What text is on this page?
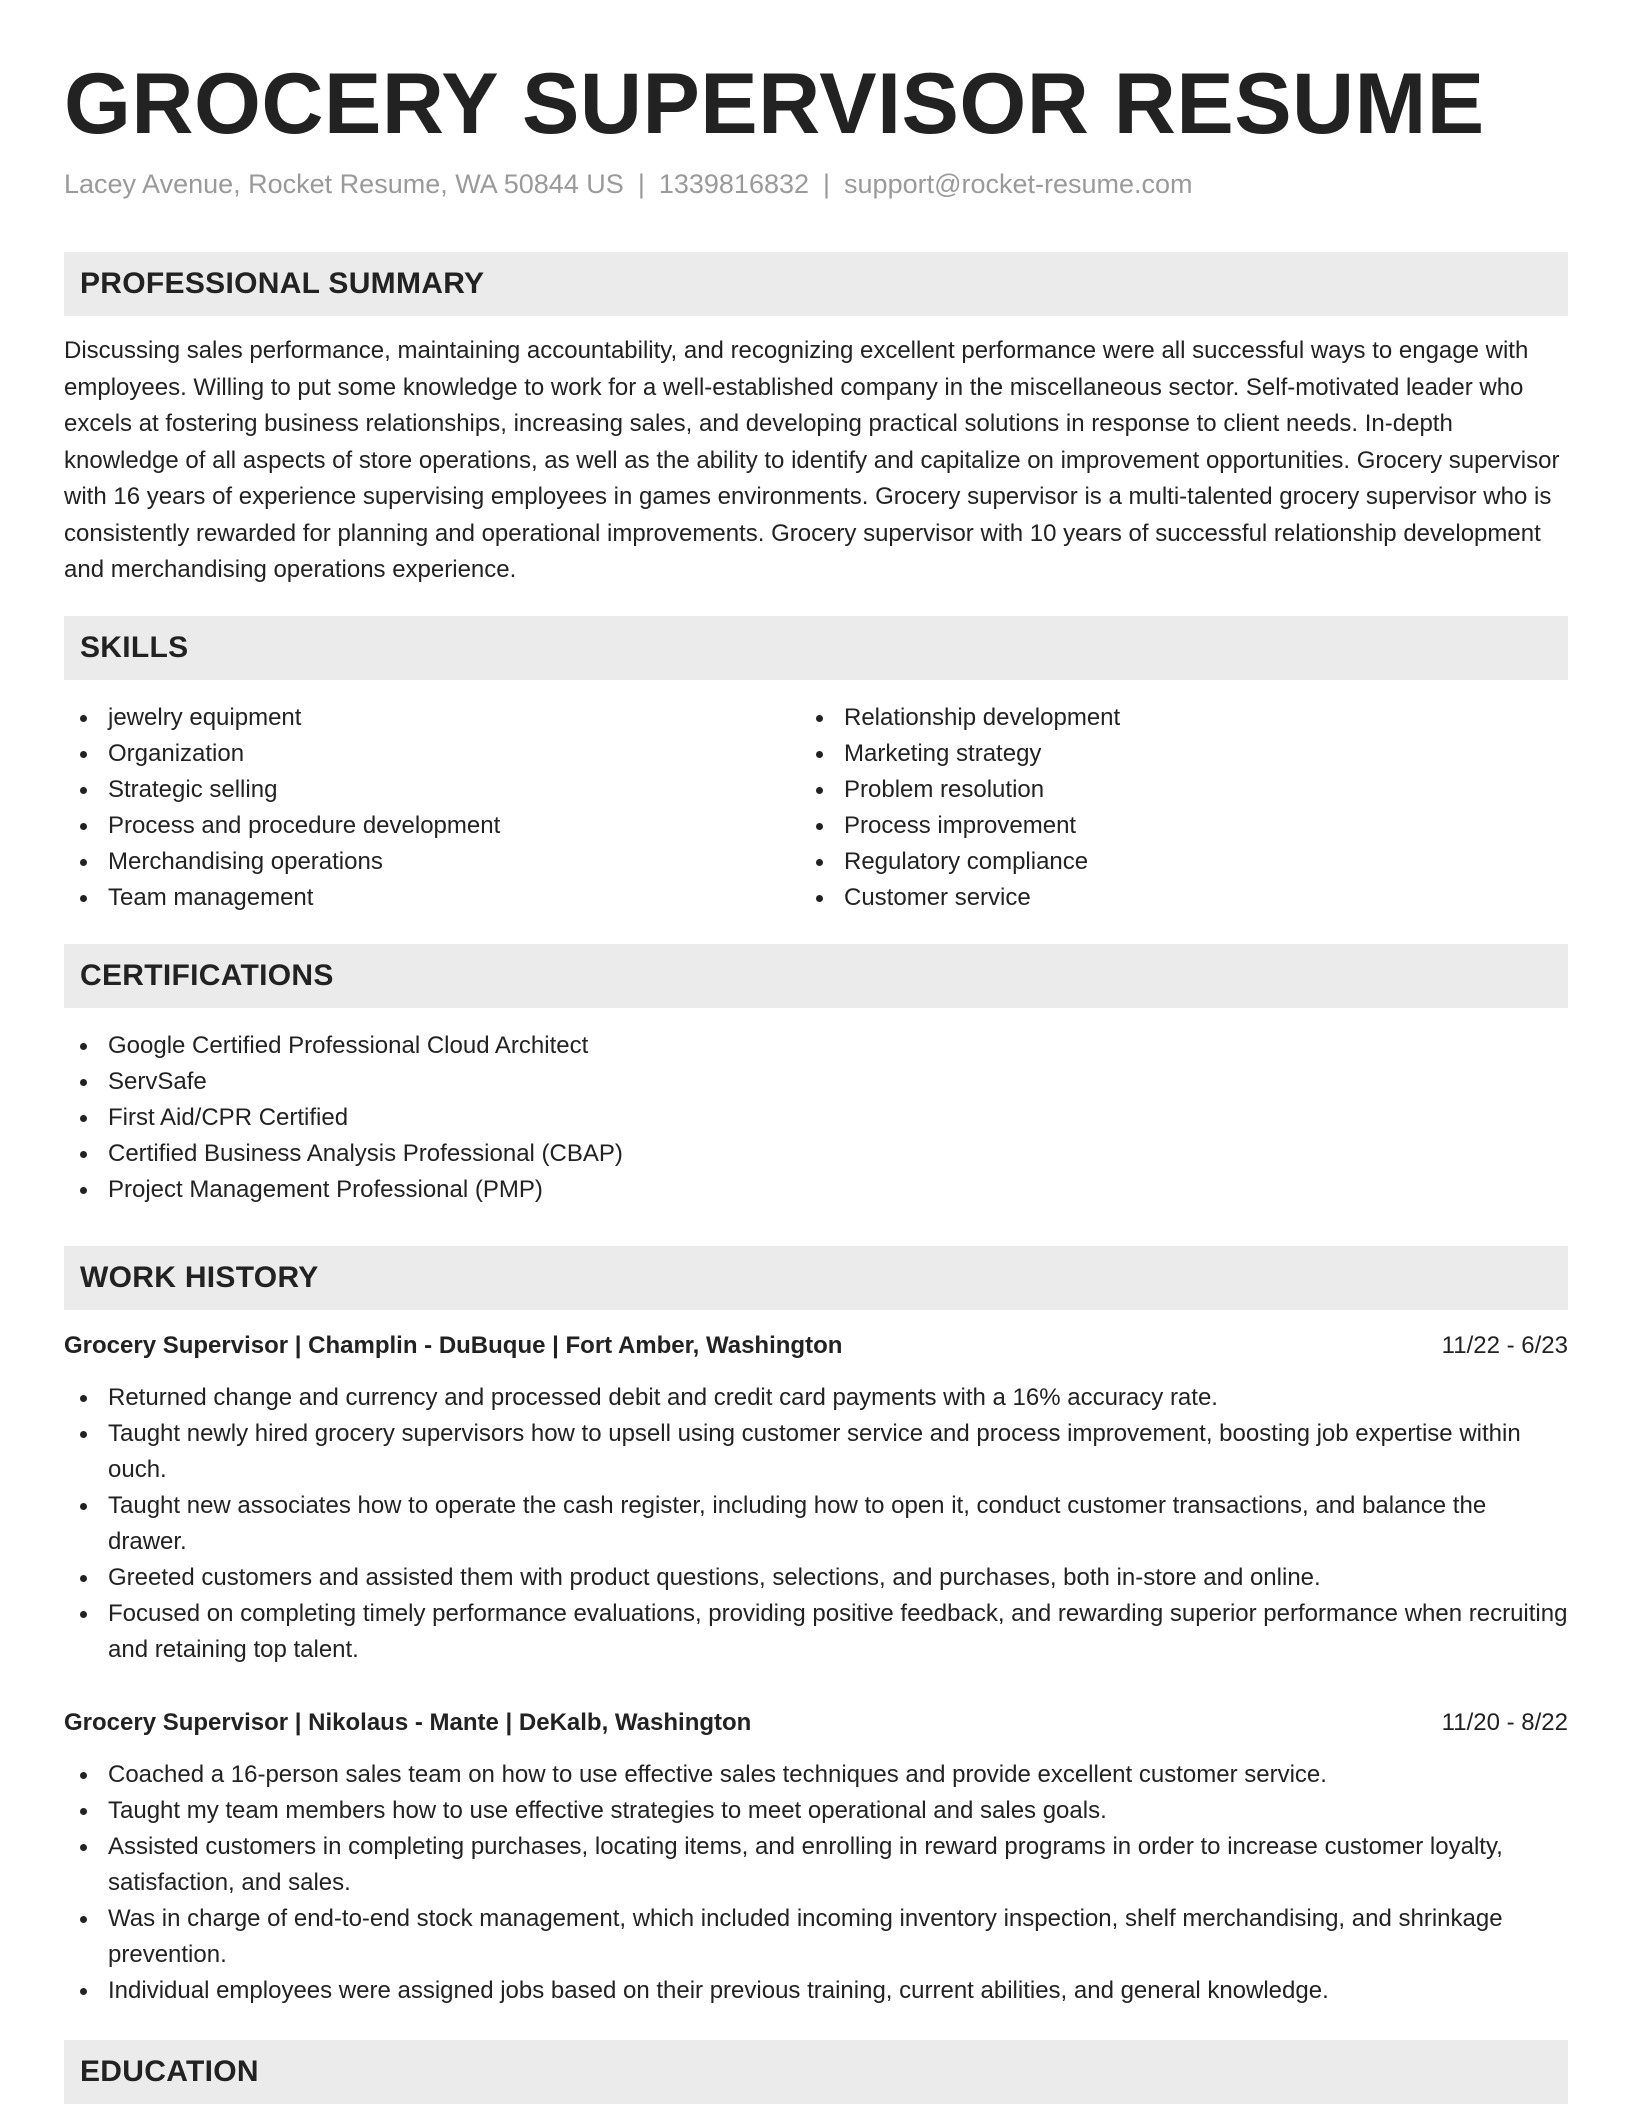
GROCERY SUPERVISOR RESUME
Lacey Avenue, Rocket Resume, WA 50844 US | 1339816832 | support@rocket-resume.com
PROFESSIONAL SUMMARY

Discussing sales performance, maintaining accountability, and recognizing excellent performance were all successful ways to engage with employees. Willing to put some knowledge to work for a well-established company in the miscellaneous sector. Self-motivated leader who excels at fostering business relationships, increasing sales, and developing practical solutions in response to client needs. In-depth knowledge of all aspects of store operations, as well as the ability to identify and capitalize on improvement opportunities. Grocery supervisor with 16 years of experience supervising employees in games environments. Grocery supervisor is a multi-talented grocery supervisor who is consistently rewarded for planning and operational improvements. Grocery supervisor with 10 years of successful relationship development and merchandising operations experience.

SKILLS
jewelry equipment
Organization
Strategic selling
Process and procedure development
Merchandising operations
Team management
Relationship development
Marketing strategy
Problem resolution
Process improvement
Regulatory compliance
Customer service
CERTIFICATIONS
Google Certified Professional Cloud Architect
ServSafe
First Aid/CPR Certified
Certified Business Analysis Professional (CBAP)
Project Management Professional (PMP)
WORK HISTORY
Grocery Supervisor | Champlin - DuBuque | Fort Amber, Washington	11/22 - 6/23
Returned change and currency and processed debit and credit card payments with a 16% accuracy rate.
Taught newly hired grocery supervisors how to upsell using customer service and process improvement, boosting job expertise within ouch.
Taught new associates how to operate the cash register, including how to open it, conduct customer transactions, and balance the drawer.
Greeted customers and assisted them with product questions, selections, and purchases, both in-store and online.
Focused on completing timely performance evaluations, providing positive feedback, and rewarding superior performance when recruiting and retaining top talent.
Grocery Supervisor | Nikolaus - Mante | DeKalb, Washington	11/20 - 8/22
Coached a 16-person sales team on how to use effective sales techniques and provide excellent customer service.
Taught my team members how to use effective strategies to meet operational and sales goals.
Assisted customers in completing purchases, locating items, and enrolling in reward programs in order to increase customer loyalty, satisfaction, and sales.
Was in charge of end-to-end stock management, which included incoming inventory inspection, shelf merchandising, and shrinkage prevention.
Individual employees were assigned jobs based on their previous training, current abilities, and general knowledge.
EDUCATION
